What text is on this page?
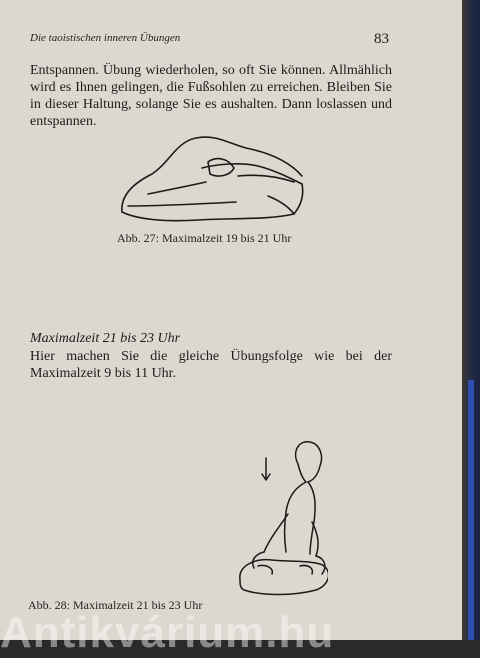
Die taoistischen inneren Übungen	83

Entspannen. Übung wiederholen, so oft Sie können. Allmählich wird es Ihnen gelingen, die Fußsohlen zu erreichen. Bleiben Sie in dieser Haltung, solange Sie es aushalten. Dann loslassen und entspannen.

Abb. 27: Maximalzeit 19 bis 21 Uhr

Maximalzeit 21 bis 23 Uhr

Hier machen Sie die gleiche Übungsfolge wie bei der Maximalzeit 9 bis 11 Uhr.

Abb. 28: Maximalzeit 21 bis 23 Uhr

Antikvárium.hu
